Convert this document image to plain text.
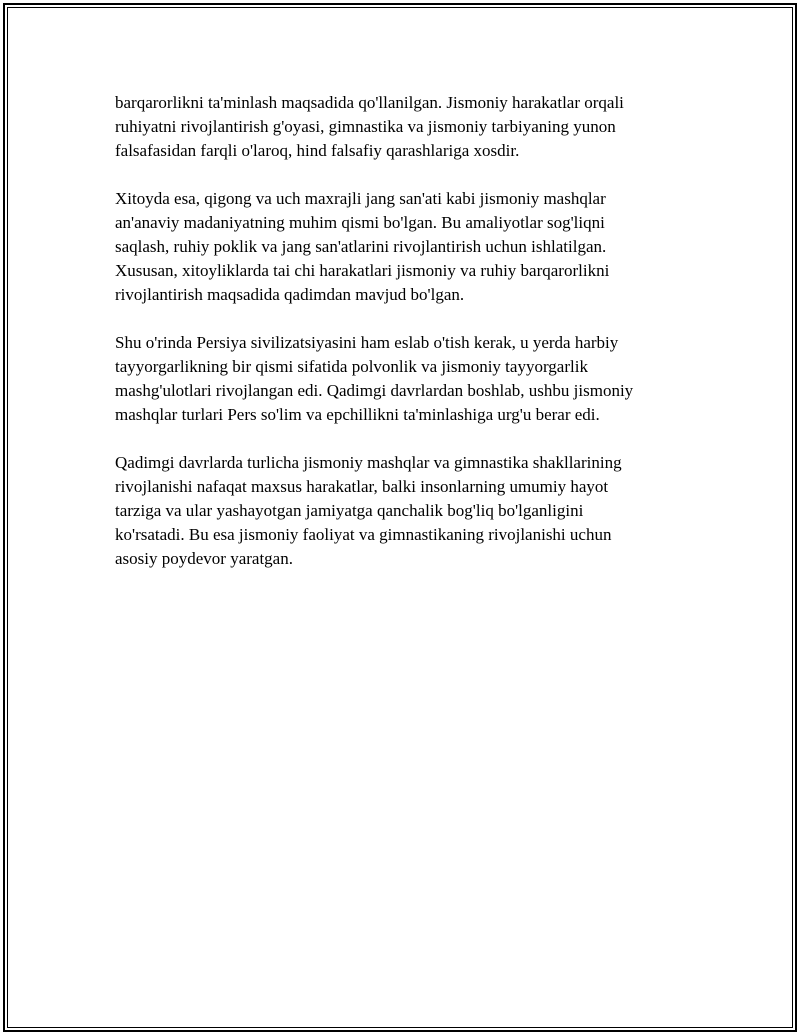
barqarorlikni ta'minlash maqsadida qo'llanilgan. Jismoniy harakatlar orqali
ruhiyatni rivojlantirish g'oyasi, gimnastika va jismoniy tarbiyaning yunon
falsafasidan farqli o'laroq, hind falsafiy qarashlariga xosdir.

Xitoyda esa, qigong va uch maxrajli jang san'ati kabi jismoniy mashqlar
an'anaviy madaniyatning muhim qismi bo'lgan. Bu amaliyotlar sog'liqni
saqlash, ruhiy poklik va jang san'atlarini rivojlantirish uchun ishlatilgan.
Xususan, xitoyliklarda tai chi harakatlari jismoniy va ruhiy barqarorlikni
rivojlantirish maqsadida qadimdan mavjud bo'lgan.

Shu o'rinda Persiya sivilizatsiyasini ham eslab o'tish kerak, u yerda harbiy
tayyorgarlikning bir qismi sifatida polvonlik va jismoniy tayyorgarlik
mashg'ulotlari rivojlangan edi. Qadimgi davrlardan boshlab, ushbu jismoniy
mashqlar turlari Pers so'lim va epchillikni ta'minlashiga urg'u berar edi.

Qadimgi davrlarda turlicha jismoniy mashqlar va gimnastika shakllarining
rivojlanishi nafaqat maxsus harakatlar, balki insonlarning umumiy hayot
tarziga va ular yashayotgan jamiyatga qanchalik bog'liq bo'lganligini
ko'rsatadi. Bu esa jismoniy faoliyat va gimnastikaning rivojlanishi uchun
asosiy poydevor yaratgan.
